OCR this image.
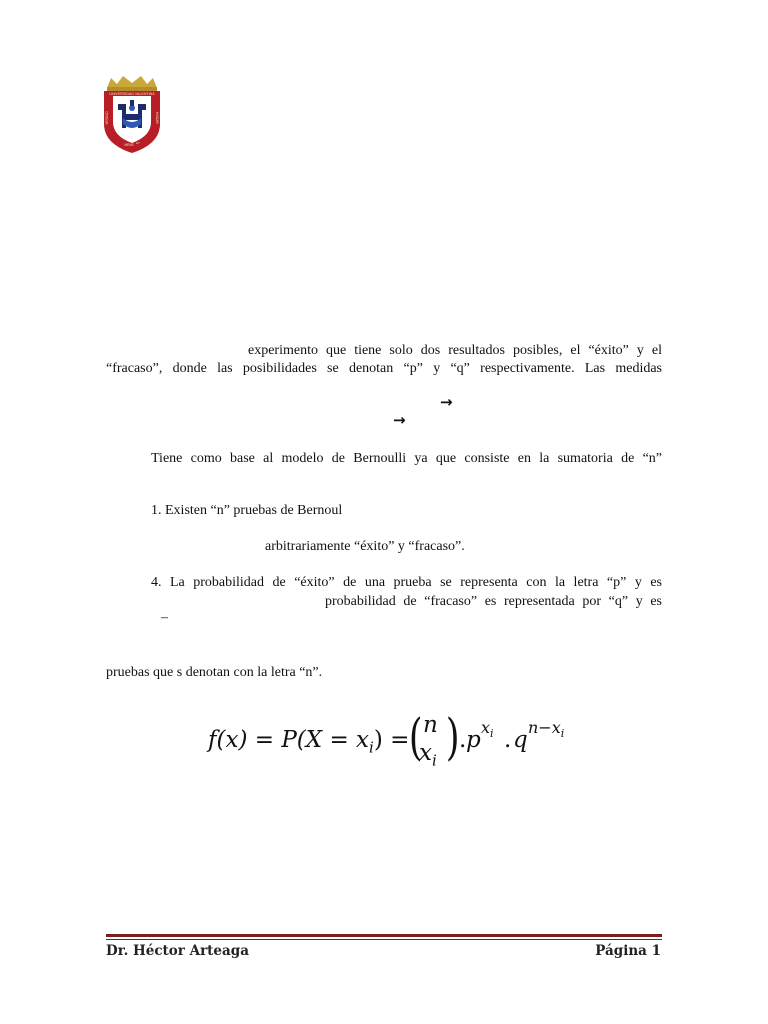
UNIVERSIDAD VALENTINA
VERDAD	HOGAR
MENS ET
experimento que tiene solo dos resultados posibles, el “éxito” y el
“fracaso”, donde las posibilidades se denotan “p” y “q” respectivamente. Las medidas
→
→
Tiene como base al modelo de Bernoulli ya que consiste en la sumatoria de “n”
1. Existen “n” pruebas de Bernoul
arbitrariamente “éxito” y “fracaso”.
4. La probabilidad de “éxito” de una prueba se representa con la letra “p” y es
probabilidad de “fracaso” es representada por “q” y es
–
pruebas que s denotan con la letra “n”.
$f(x) = P(X = x_i)$ = ( n
$x_i$ ) . p $x_i$ . q $n-x_i$
Dr. Héctor Arteaga	Página 1
